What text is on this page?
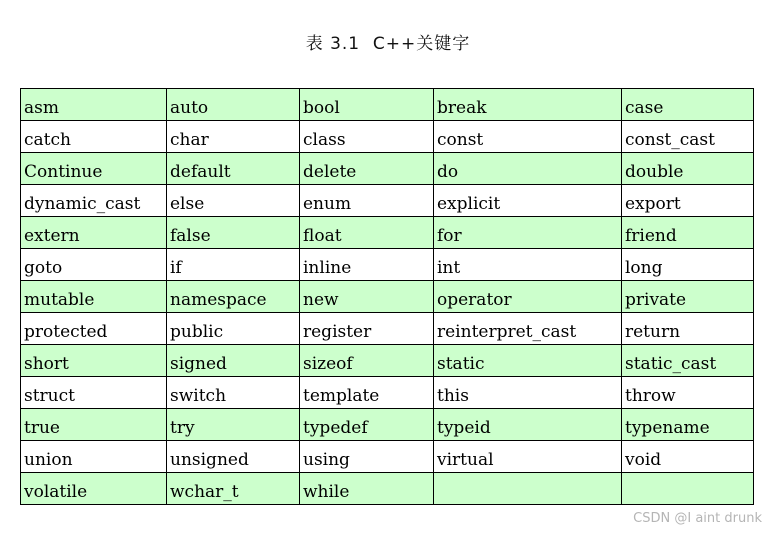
表 3.1  C++关键字
asm	auto	bool	break	case
catch	char	class	const	const_cast
Continue	default	delete	do	double
dynamic_cast	else	enum	explicit	export
extern	false	float	for	friend
goto	if	inline	int	long
mutable	namespace	new	operator	private
protected	public	register	reinterpret_cast	return
short	signed	sizeof	static	static_cast
struct	switch	template	this	throw
true	try	typedef	typeid	typename
union	unsigned	using	virtual	void
volatile	wchar_t	while		
CSDN @I aint drunk
